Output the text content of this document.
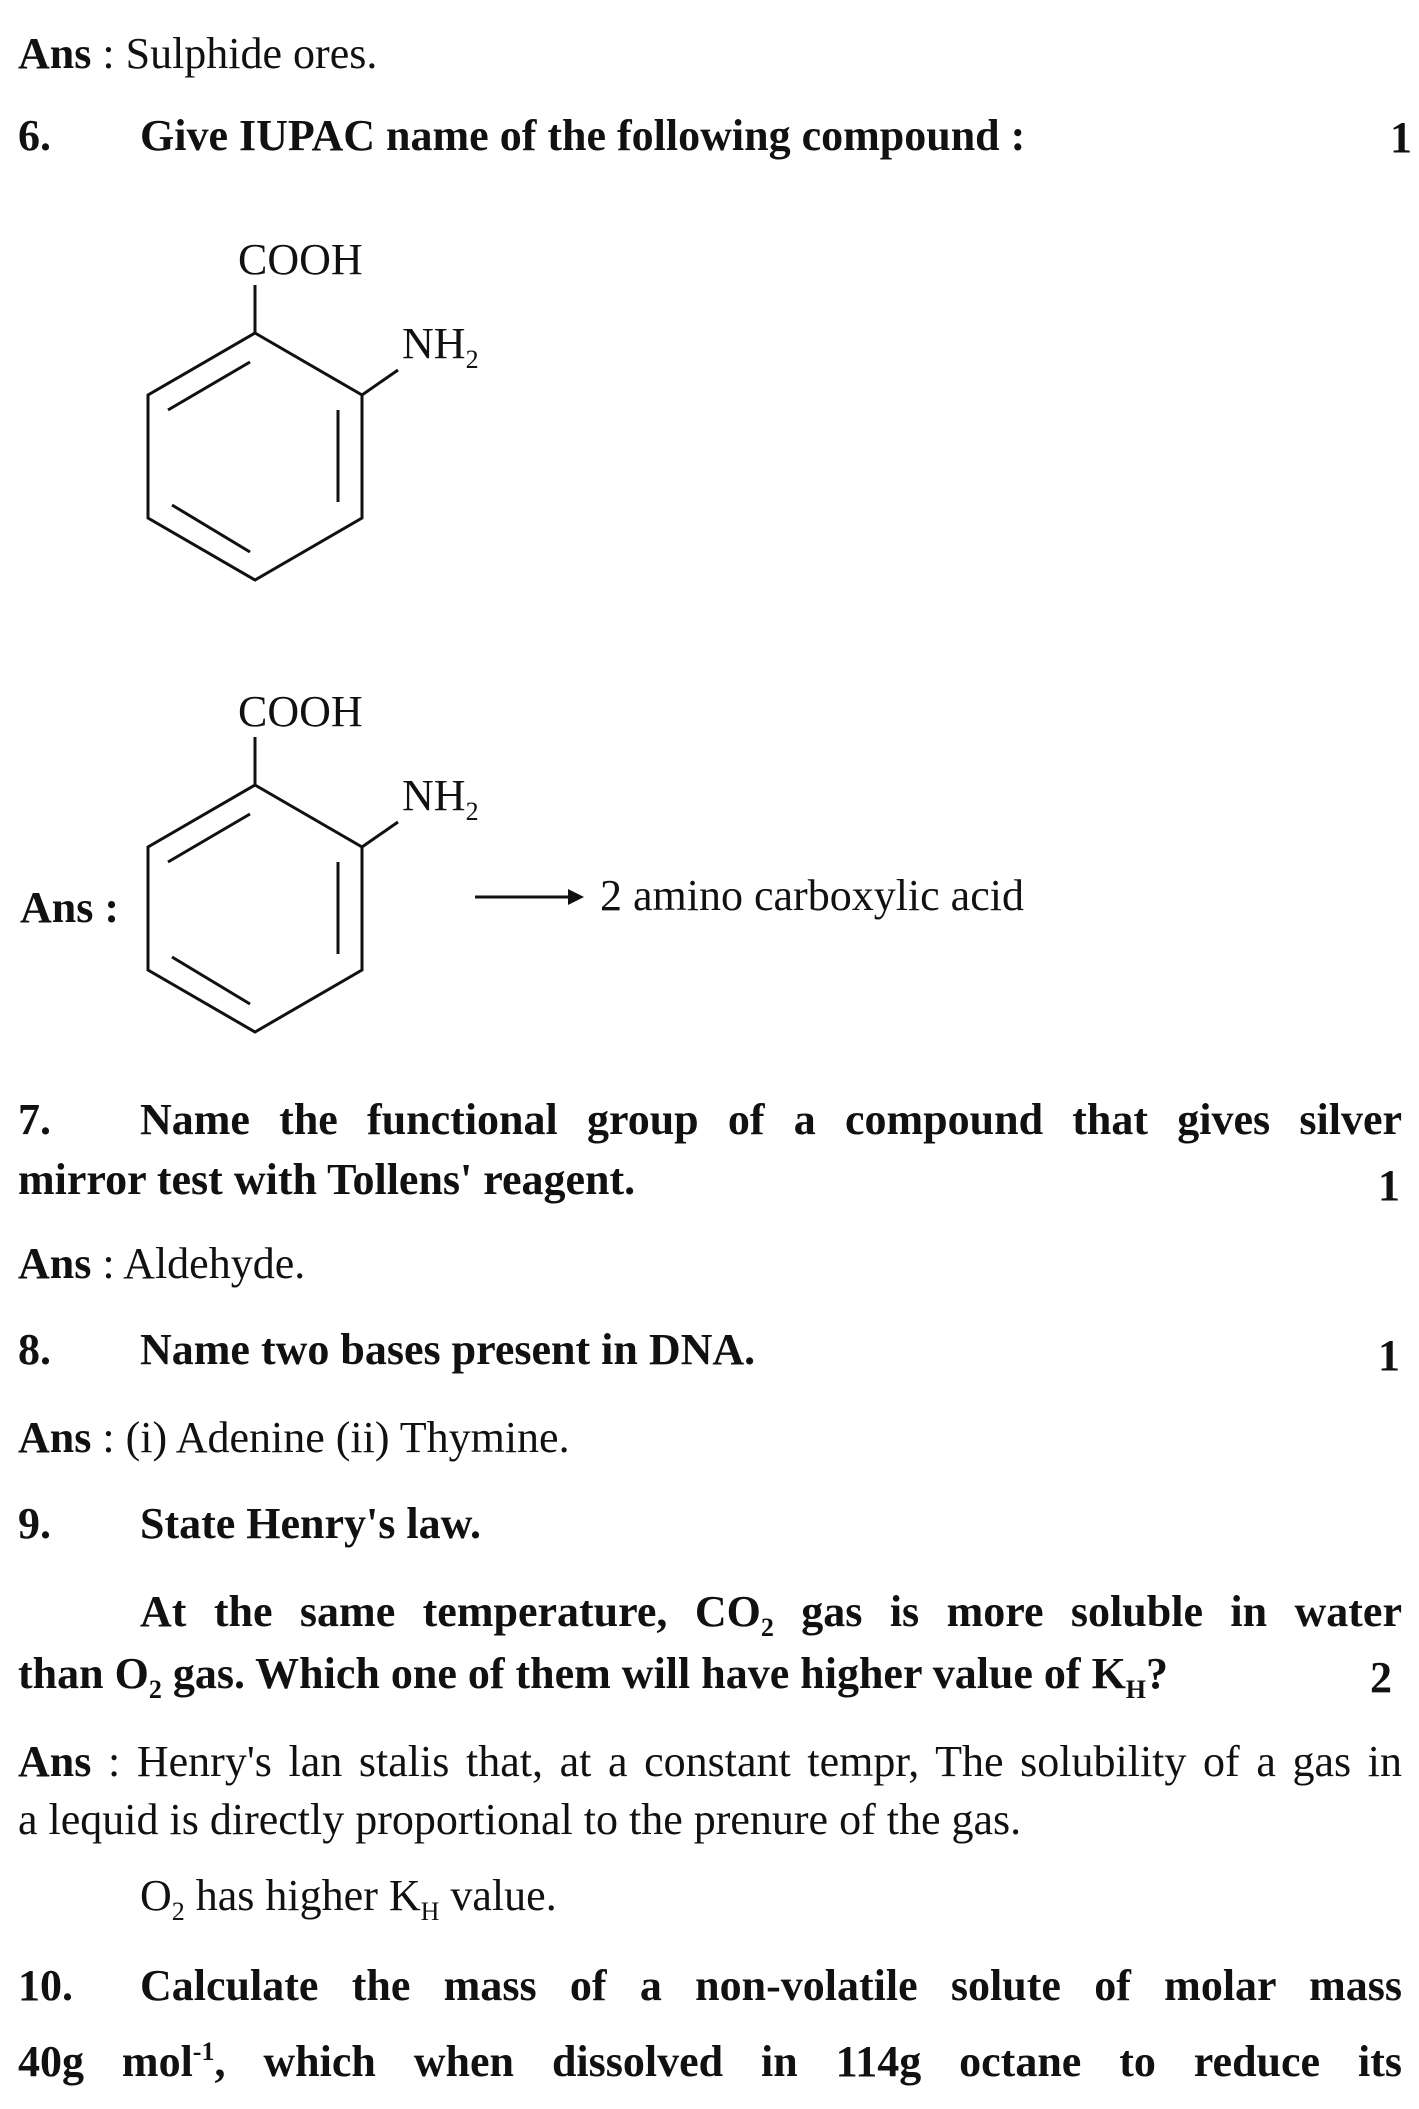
Ans : Sulphide ores.
6. Give IUPAC name of the following compound :	1
COOH
$NH_2$
COOH
$NH_2$
Ans :	2 amino carboxylic acid
7. Name the functional group of a compound that gives silver
mirror test with Tollens' reagent.	1
Ans : Aldehyde.
8. Name two bases present in DNA.	1
Ans : (i) Adenine (ii) Thymine.
9. State Henry's law.
At the same temperature, $CO_2$ gas is more soluble in water
than $O_2$ gas. Which one of them will have higher value of $K_H$?	2
Ans : Henry's lan stalis that, at a constant tempr, The solubility of a gas in
a lequid is directly proportional to the prenure of the gas.
$O_2$ has higher $K_H$ value.
10. Calculate the mass of a non-volatile solute of molar mass
40g mol$^{-1}$, which when dissolved in 114g octane to reduce its
